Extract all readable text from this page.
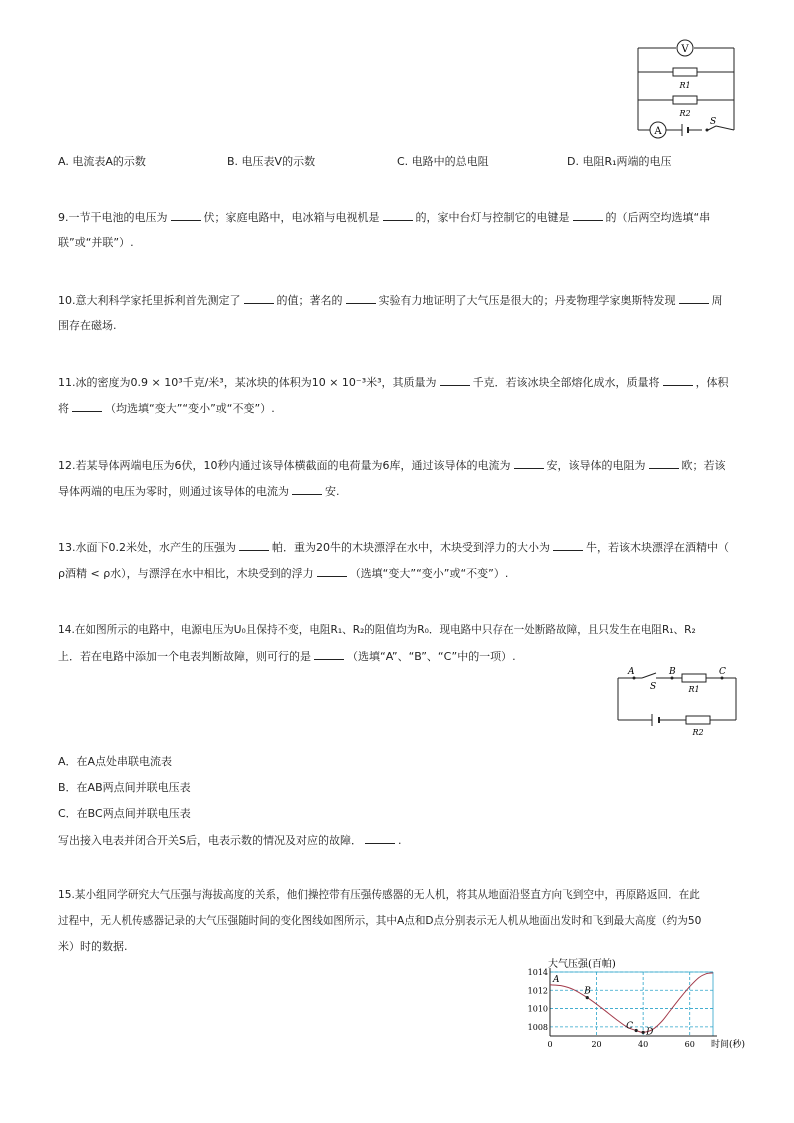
V
R1
R2
A
S
A. 电流表A的示数	B. 电压表V的示数	C. 电路中的总电阻	D. 电阻R₁两端的电压
9.一节干电池的电压为	伏；家庭电路中，电冰箱与电视机是	的，家中台灯与控制它的电键是	的（后两空均选填“串
联”或“并联”）.
10.意大利科学家托里拆利首先测定了	的值；著名的	实验有力地证明了大气压是很大的；丹麦物理学家奥斯特发现	周
围存在磁场.
11.冰的密度为0.9 × 10³千克/米³，某冰块的体积为10 × 10⁻³米³，其质量为	千克．若该冰块全部熔化成水，质量将	，体积
将	（均选填“变大”“变小”或“不变”）.
12.若某导体两端电压为6伏，10秒内通过该导体横截面的电荷量为6库，通过该导体的电流为	安，该导体的电阻为	欧；若该
导体两端的电压为零时，则通过该导体的电流为	安.
13.水面下0.2米处，水产生的压强为	帕．重为20牛的木块漂浮在水中，木块受到浮力的大小为	牛，若该木块漂浮在酒精中（
ρ酒精 < ρ水），与漂浮在水中相比，木块受到的浮力	（选填“变大”“变小”或“不变”）.
14.在如图所示的电路中，电源电压为U₀且保持不变，电阻R₁、R₂的阻值均为R₀．现电路中只存在一处断路故障，且只发生在电阻R₁、R₂
上．若在电路中添加一个电表判断故障，则可行的是	（选填“A”、“B”、“C”中的一项）.
A	B	C
S	R1
R2
A．在A点处串联电流表
B．在AB两点间并联电压表
C．在BC两点间并联电压表
写出接入电表并闭合开关S后，电表示数的情况及对应的故障．	.
15.某小组同学研究大气压强与海拔高度的关系，他们操控带有压强传感器的无人机，将其从地面沿竖直方向飞到空中，再原路返回．在此
过程中，无人机传感器记录的大气压强随时间的变化图线如图所示，其中A点和D点分别表示无人机从地面出发时和飞到最大高度（约为50
米）时的数据.
大气压强(百帕)
1014
1012
1010
1008
0	20	40	60
A
B
C
D
时间(秒)
